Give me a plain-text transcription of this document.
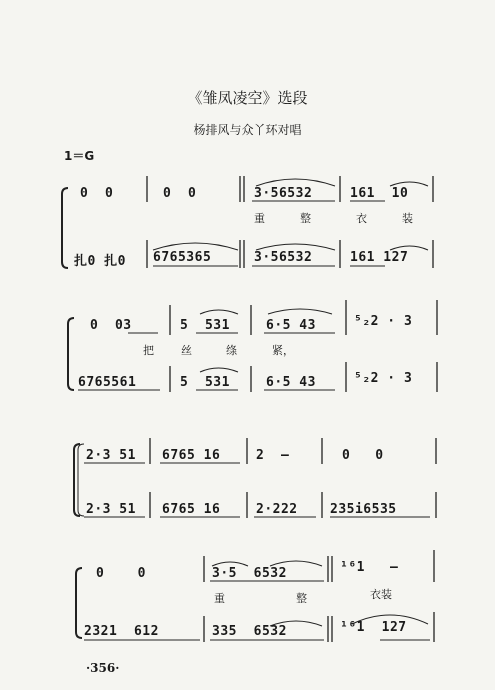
《雏凤凌空》选段
杨排风与众丫环对唱
1＝G
0  0	0  0	3·56532	161  10
扎0 扎0 6765365	3·56532	161 127
重	整	衣	装
0  03	5  531	6·5 43	⁵₂2 · 3
6765561	5  531	6·5 43	⁵₂2 · 3
把 丝	绦	紧，
2·3 51 6765 16	2  —	0   0
2·3 51 6765 16	2·222 235i6535
0    0	3·5  6532	¹⁶1   —
2321  612	335  6532	¹⁶1  127
重	整	衣装
·356·
